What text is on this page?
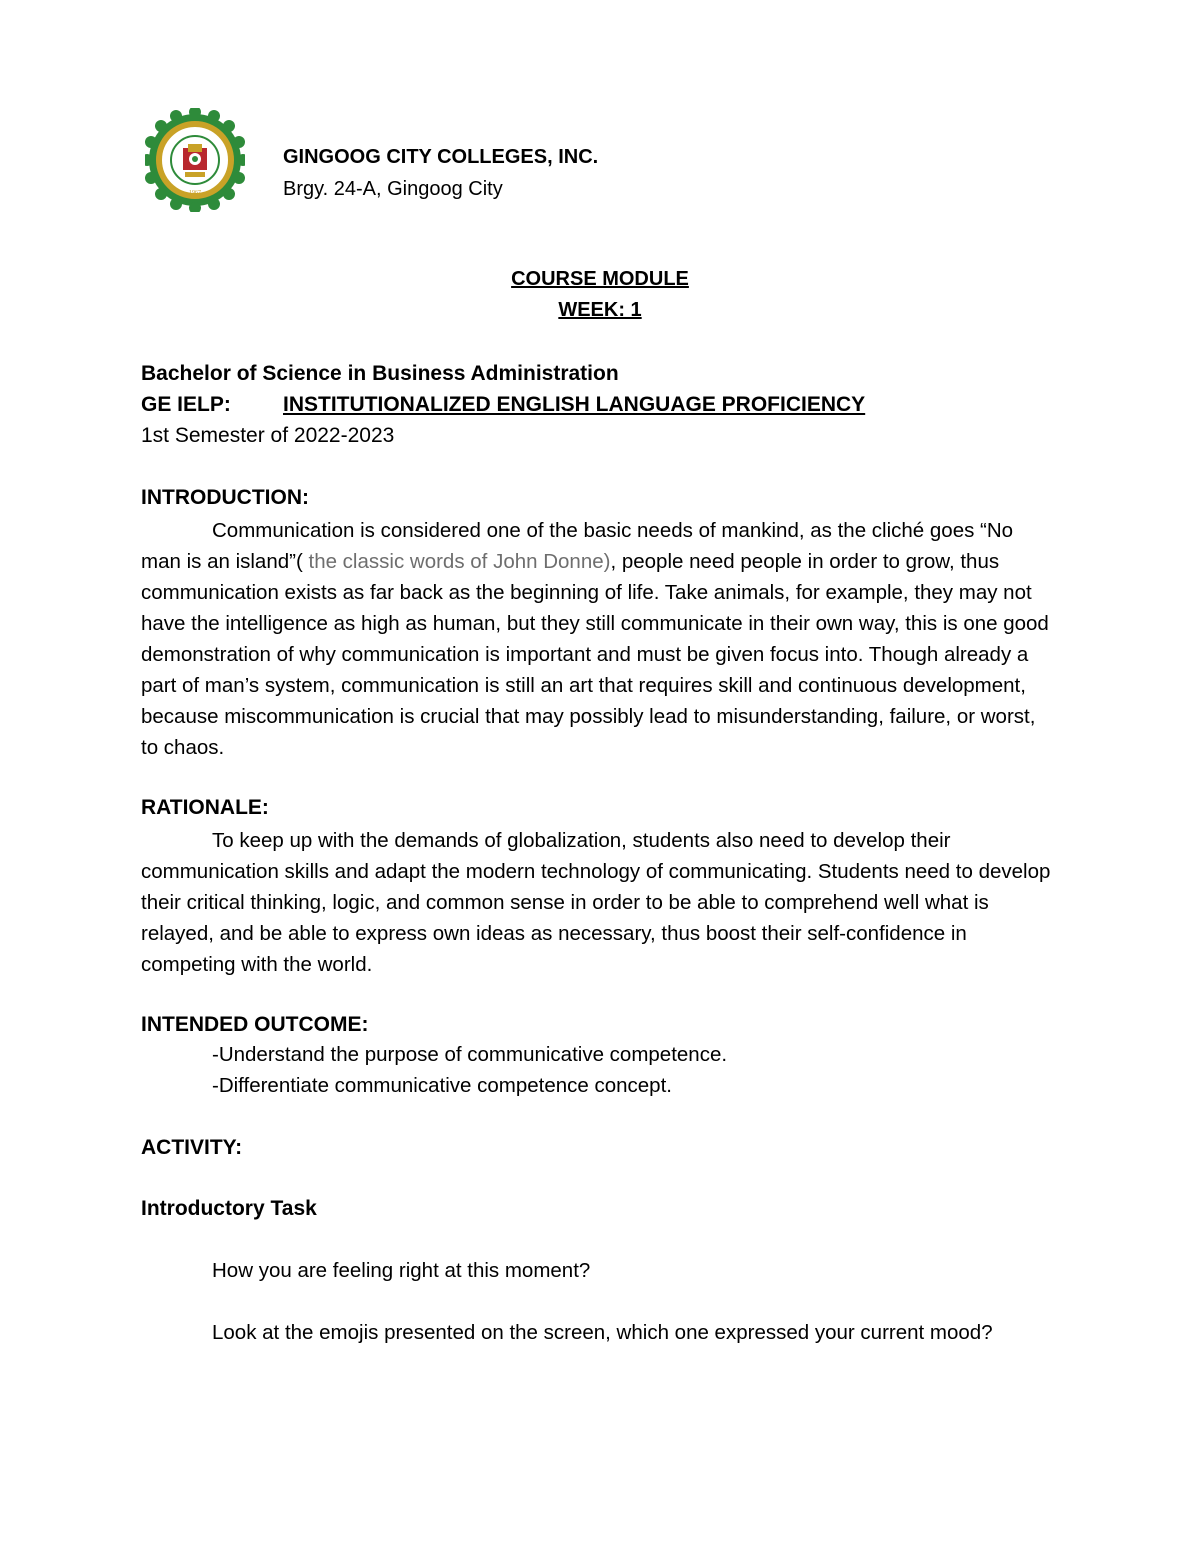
1967
GINGOOG CITY COLLEGES, INC.
Brgy. 24-A, Gingoog City
COURSE MODULE
WEEK: 1
Bachelor of Science in Business Administration
GE IELP: INSTITUTIONALIZED ENGLISH LANGUAGE PROFICIENCY
1st Semester of 2022-2023
INTRODUCTION:
Communication is considered one of the basic needs of mankind, as the cliché goes “No man is an island”( the classic words of John Donne), people need people in order to grow, thus communication exists as far back as the beginning of life. Take animals, for example, they may not have the intelligence as high as human, but they still communicate in their own way, this is one good demonstration of why communication is important and must be given focus into. Though already a part of man’s system, communication is still an art that requires skill and continuous development, because miscommunication is crucial that may possibly lead to misunderstanding, failure, or worst, to chaos.
RATIONALE:
To keep up with the demands of globalization, students also need to develop their communication skills and adapt the modern technology of communicating. Students need to develop their critical thinking, logic, and common sense in order to be able to comprehend well what is relayed, and be able to express own ideas as necessary, thus boost their self-confidence in competing with the world.
INTENDED OUTCOME:
-Understand the purpose of communicative competence.
-Differentiate communicative competence concept.
ACTIVITY:
Introductory Task
How you are feeling right at this moment?
Look at the emojis presented on the screen, which one expressed your current mood?
